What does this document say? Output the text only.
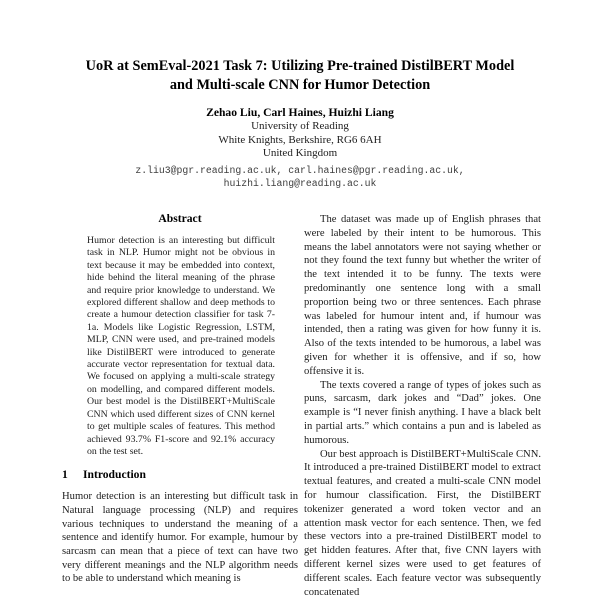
UoR at SemEval-2021 Task 7: Utilizing Pre-trained DistilBERT Model
and Multi-scale CNN for Humor Detection
Zehao Liu, Carl Haines, Huizhi Liang
University of Reading
White Knights, Berkshire, RG6 6AH
United Kingdom
z.liu3@pgr.reading.ac.uk, carl.haines@pgr.reading.ac.uk,
huizhi.liang@reading.ac.uk
Abstract
Humor detection is an interesting but difficult task in NLP. Humor might not be obvious in text because it may be embedded into context, hide behind the literal meaning of the phrase and require prior knowledge to understand. We explored different shallow and deep methods to create a humour detection classifier for task 7-1a. Models like Logistic Regression, LSTM, MLP, CNN were used, and pre-trained models like DistilBERT were introduced to generate accurate vector representation for textual data. We focused on applying a multi-scale strategy on modelling, and compared different models. Our best model is the DistilBERT+MultiScale CNN which used different sizes of CNN kernel to get multiple scales of features. This method achieved 93.7% F1-score and 92.1% accuracy on the test set.
1 Introduction
Humor detection is an interesting but difficult task in Natural language processing (NLP) and requires various techniques to understand the meaning of a sentence and identify humor. For example, humour by sarcasm can mean that a piece of text can have two very different meanings and the NLP algorithm needs to be able to understand which meaning is
The dataset was made up of English phrases that were labeled by their intent to be humorous. This means the label annotators were not saying whether or not they found the text funny but whether the writer of the text intended it to be funny. The texts were predominantly one sentence long with a small proportion being two or three sentences. Each phrase was labeled for humour intent and, if humour was intended, then a rating was given for how funny it is. Also of the texts intended to be humorous, a label was given for whether it is offensive, and if so, how offensive it is.
The texts covered a range of types of jokes such as puns, sarcasm, dark jokes and “Dad” jokes. One example is “I never finish anything. I have a black belt in partial arts.” which contains a pun and is labeled as humorous.
Our best approach is DistilBERT+MultiScale CNN. It introduced a pre-trained DistilBERT model to extract textual features, and created a multi-scale CNN model for humour classification. First, the DistilBERT tokenizer generated a word token vector and an attention mask vector for each sentence. Then, we fed these vectors into a pre-trained DistilBERT model to get hidden features. After that, five CNN layers with different kernel sizes were used to get features of different scales. Each feature vector was subsequently concatenated
